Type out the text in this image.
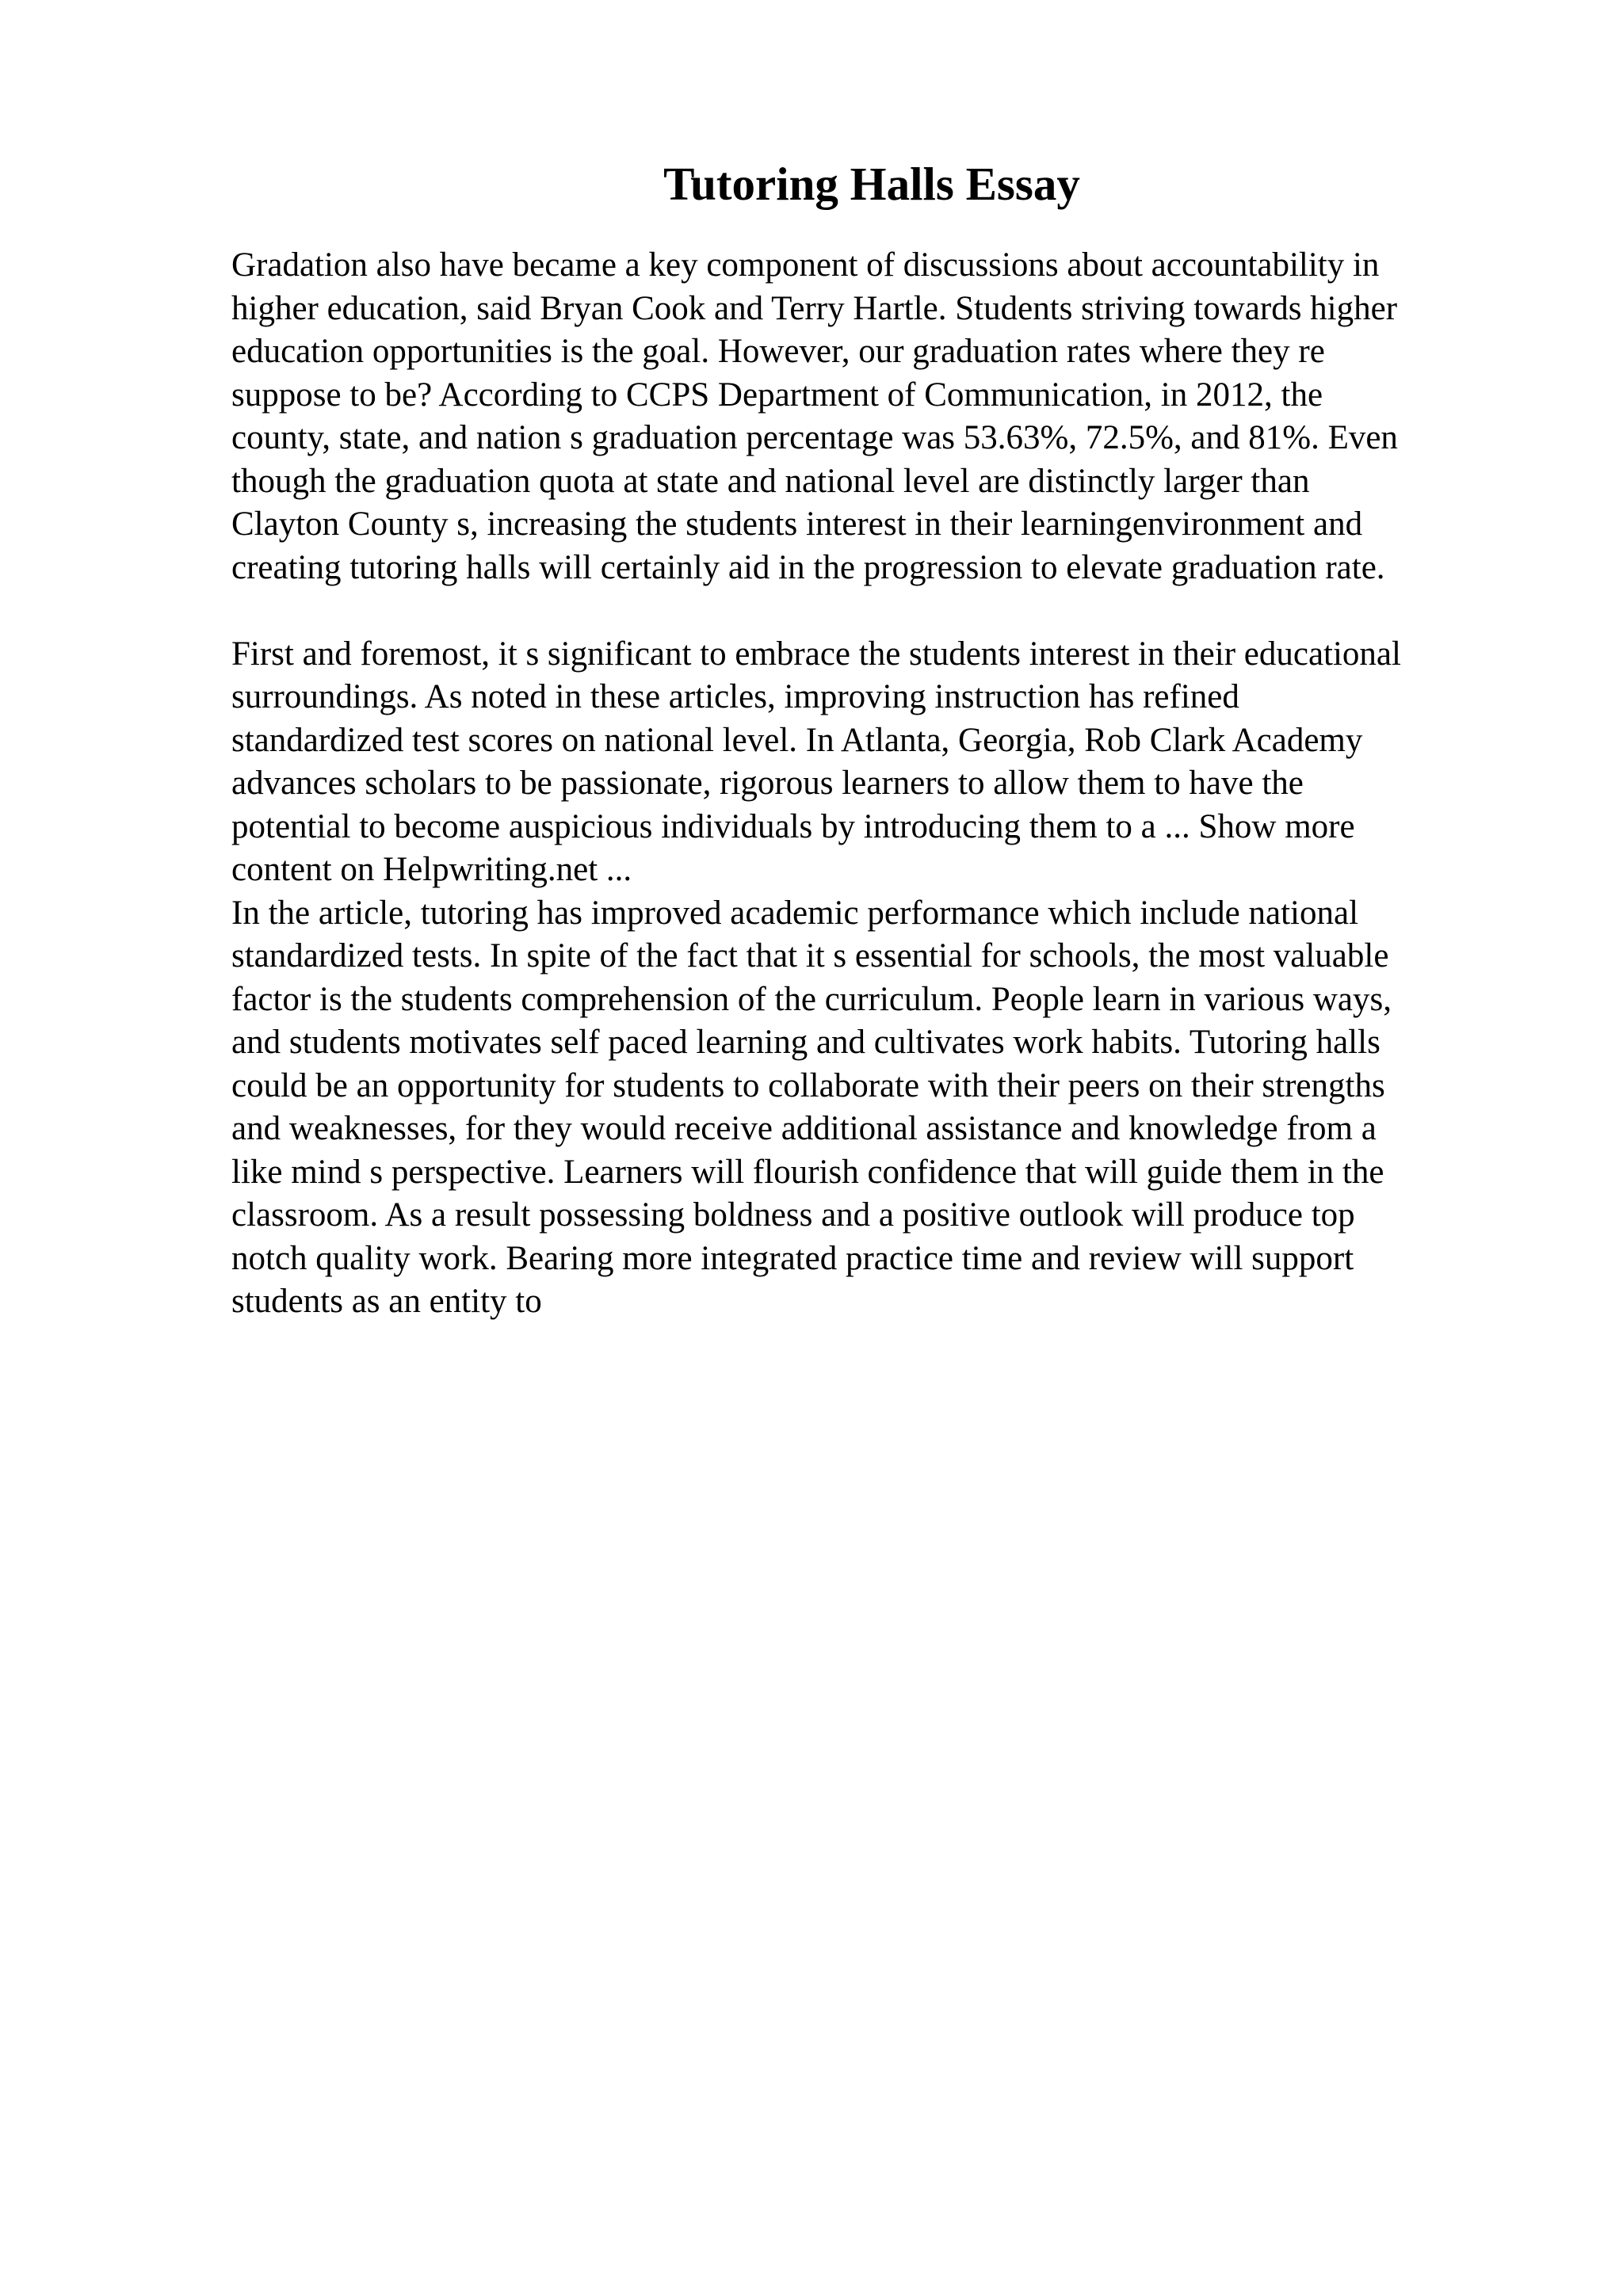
Tutoring Halls Essay
Gradation also have became a key component of discussions about accountability in
higher education, said Bryan Cook and Terry Hartle. Students striving towards higher
education opportunities is the goal. However, our graduation rates where they re
suppose to be? According to CCPS Department of Communication, in 2012, the
county, state, and nation s graduation percentage was 53.63%, 72.5%, and 81%. Even
though the graduation quota at state and national level are distinctly larger than
Clayton County s, increasing the students interest in their learningenvironment and
creating tutoring halls will certainly aid in the progression to elevate graduation rate.
First and foremost, it s significant to embrace the students interest in their educational
surroundings. As noted in these articles, improving instruction has refined
standardized test scores on national level. In Atlanta, Georgia, Rob Clark Academy
advances scholars to be passionate, rigorous learners to allow them to have the
potential to become auspicious individuals by introducing them to a ... Show more
content on Helpwriting.net ...
In the article, tutoring has improved academic performance which include national
standardized tests. In spite of the fact that it s essential for schools, the most valuable
factor is the students comprehension of the curriculum. People learn in various ways,
and students motivates self paced learning and cultivates work habits. Tutoring halls
could be an opportunity for students to collaborate with their peers on their strengths
and weaknesses, for they would receive additional assistance and knowledge from a
like mind s perspective. Learners will flourish confidence that will guide them in the
classroom. As a result possessing boldness and a positive outlook will produce top
notch quality work. Bearing more integrated practice time and review will support
students as an entity to
